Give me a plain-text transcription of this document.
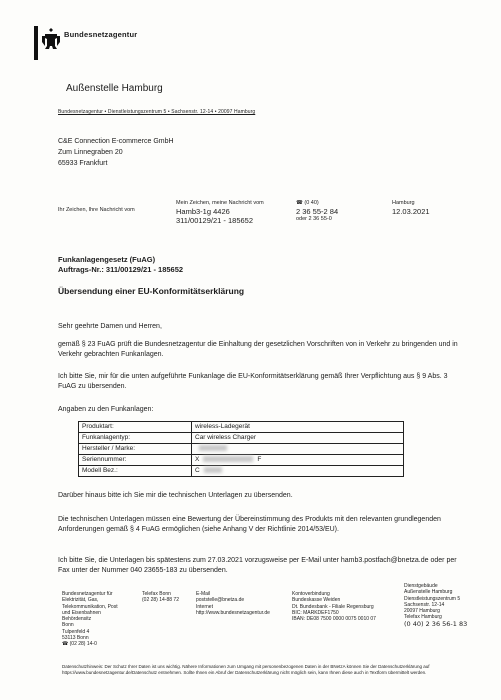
Bundesnetzagentur
Außenstelle Hamburg
Bundesnetzagentur • Dienstleistungszentrum 5 • Sachsenstr. 12-14 • 20097 Hamburg
C&E Connection E-commerce GmbH
Zum Linnegraben 20
65933 Frankfurt
Ihr Zeichen, Ihre Nachricht vom
Mein Zeichen, meine Nachricht vom
Hamb3-1g 4426
311/00129/21 - 185652
☎ (0 40)
2 36 55-2 84
oder 2 36 55-0
Hamburg
12.03.2021
Funkanlagengesetz (FuAG)
Auftrags-Nr.: 311/00129/21 - 185652
Übersendung einer EU-Konformitätserklärung
Sehr geehrte Damen und Herren,
gemäß § 23 FuAG prüft die Bundesnetzagentur die Einhaltung der gesetzlichen Vorschriften von in Verkehr zu bringenden und in Verkehr gebrachten Funkanlagen.
Ich bitte Sie, mir für die unten aufgeführte Funkanlage die EU-Konformitätserklärung gemäß Ihrer Verpflichtung aus § 9 Abs. 3 FuAG zu übersenden.
Angaben zu den Funkanlagen:
Produktart:	wireless-Ladegerät
Funkanlagentyp:	Car wireless Charger
Hersteller / Marke:	
Seriennummer:	X F
Modell Bez.:	C
Darüber hinaus bitte ich Sie mir die technischen Unterlagen zu übersenden.
Die technischen Unterlagen müssen eine Bewertung der Übereinstimmung des Produkts mit den relevanten grundlegenden Anforderungen gemäß § 4 FuAG ermöglichen (siehe Anhang V der Richtlinie 2014/53/EU).
Ich bitte Sie, die Unterlagen bis spätestens zum 27.03.2021 vorzugsweise per E-Mail unter hamb3.postfach@bnetza.de oder per Fax unter der Nummer 040 23655-183 zu übersenden.
Bundesnetzagentur für
Elektrizität, Gas,
Telekommunikation, Post
und Eisenbahnen
Behördensitz
Bonn
Tulpenfeld 4
53113 Bonn
☎ (02 28) 14-0
Telefax Bonn
(02 28) 14-88 72
E-Mail
poststelle@bnetza.de
Internet
http://www.bundesnetzagentur.de
Kontoverbindung
Bundeskasse Weiden
Dt. Bundesbank - Filiale Regensburg
BIC: MARKDEF1750
IBAN: DE08 7500 0000 0075 0010 07
Dienstgebäude
Außenstelle Hamburg
Dienstleistungszentrum 5
Sachsenstr. 12-14
20097 Hamburg
Telefax Hamburg
(0 40) 2 36 56-1 83
Datenschutzhinweis: Der Schutz Ihrer Daten ist uns wichtig. Nähere Informationen zum Umgang mit personenbezogenen Daten in der BNetzA können Sie der Datenschutzerklärung auf https://www.bundesnetzagentur.de/Datenschutz entnehmen. Sollte Ihnen ein Abruf der Datenschutzerklärung nicht möglich sein, kann Ihnen diese auch in Textform übermittelt werden.
